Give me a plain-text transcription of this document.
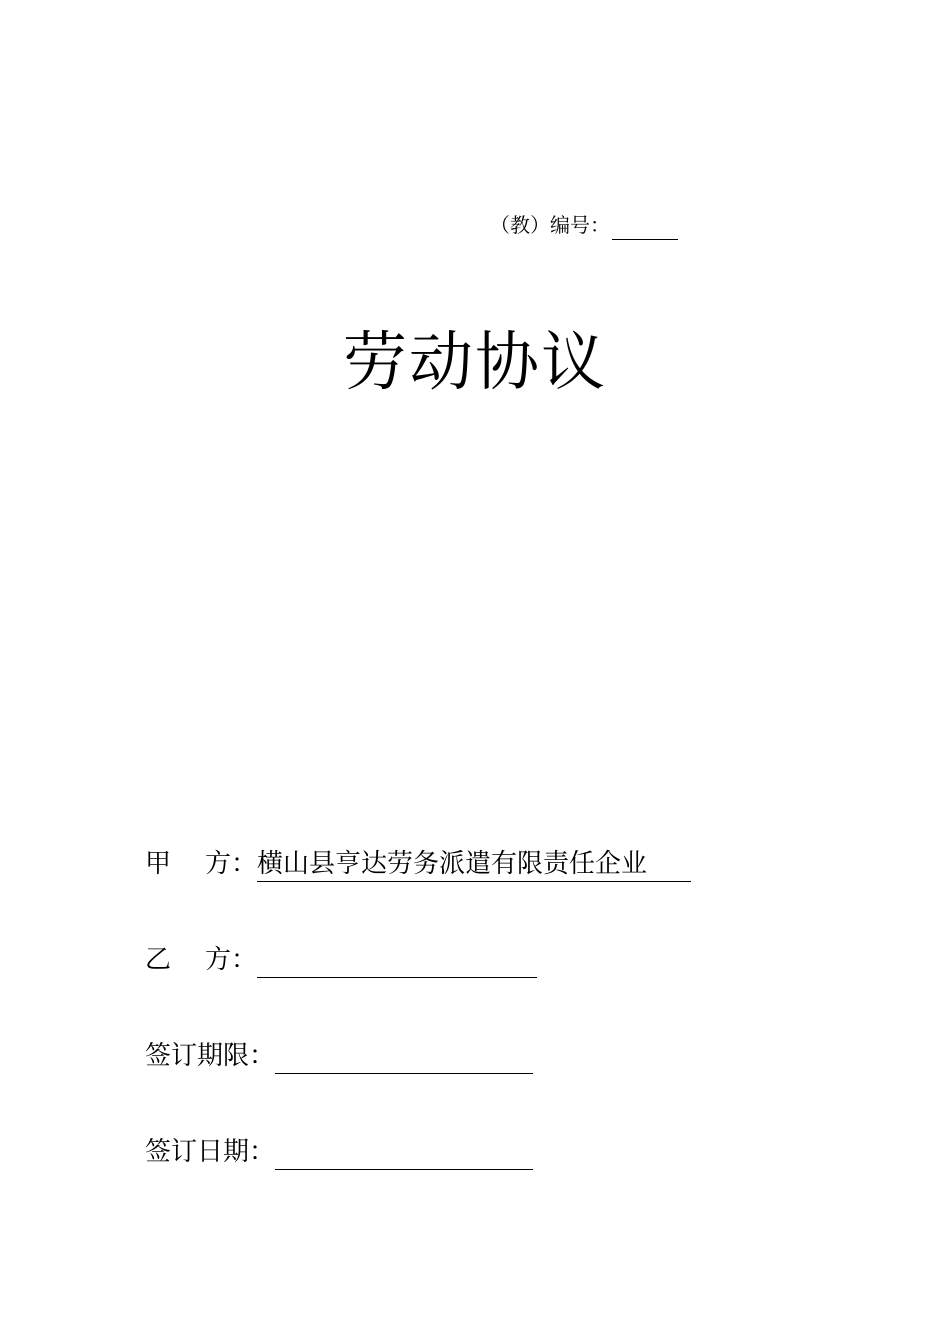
（教）编号：
劳动协议
甲 方： 横山县亨达劳务派遣有限责任企业
乙 方：
签订期限：
签订日期：
